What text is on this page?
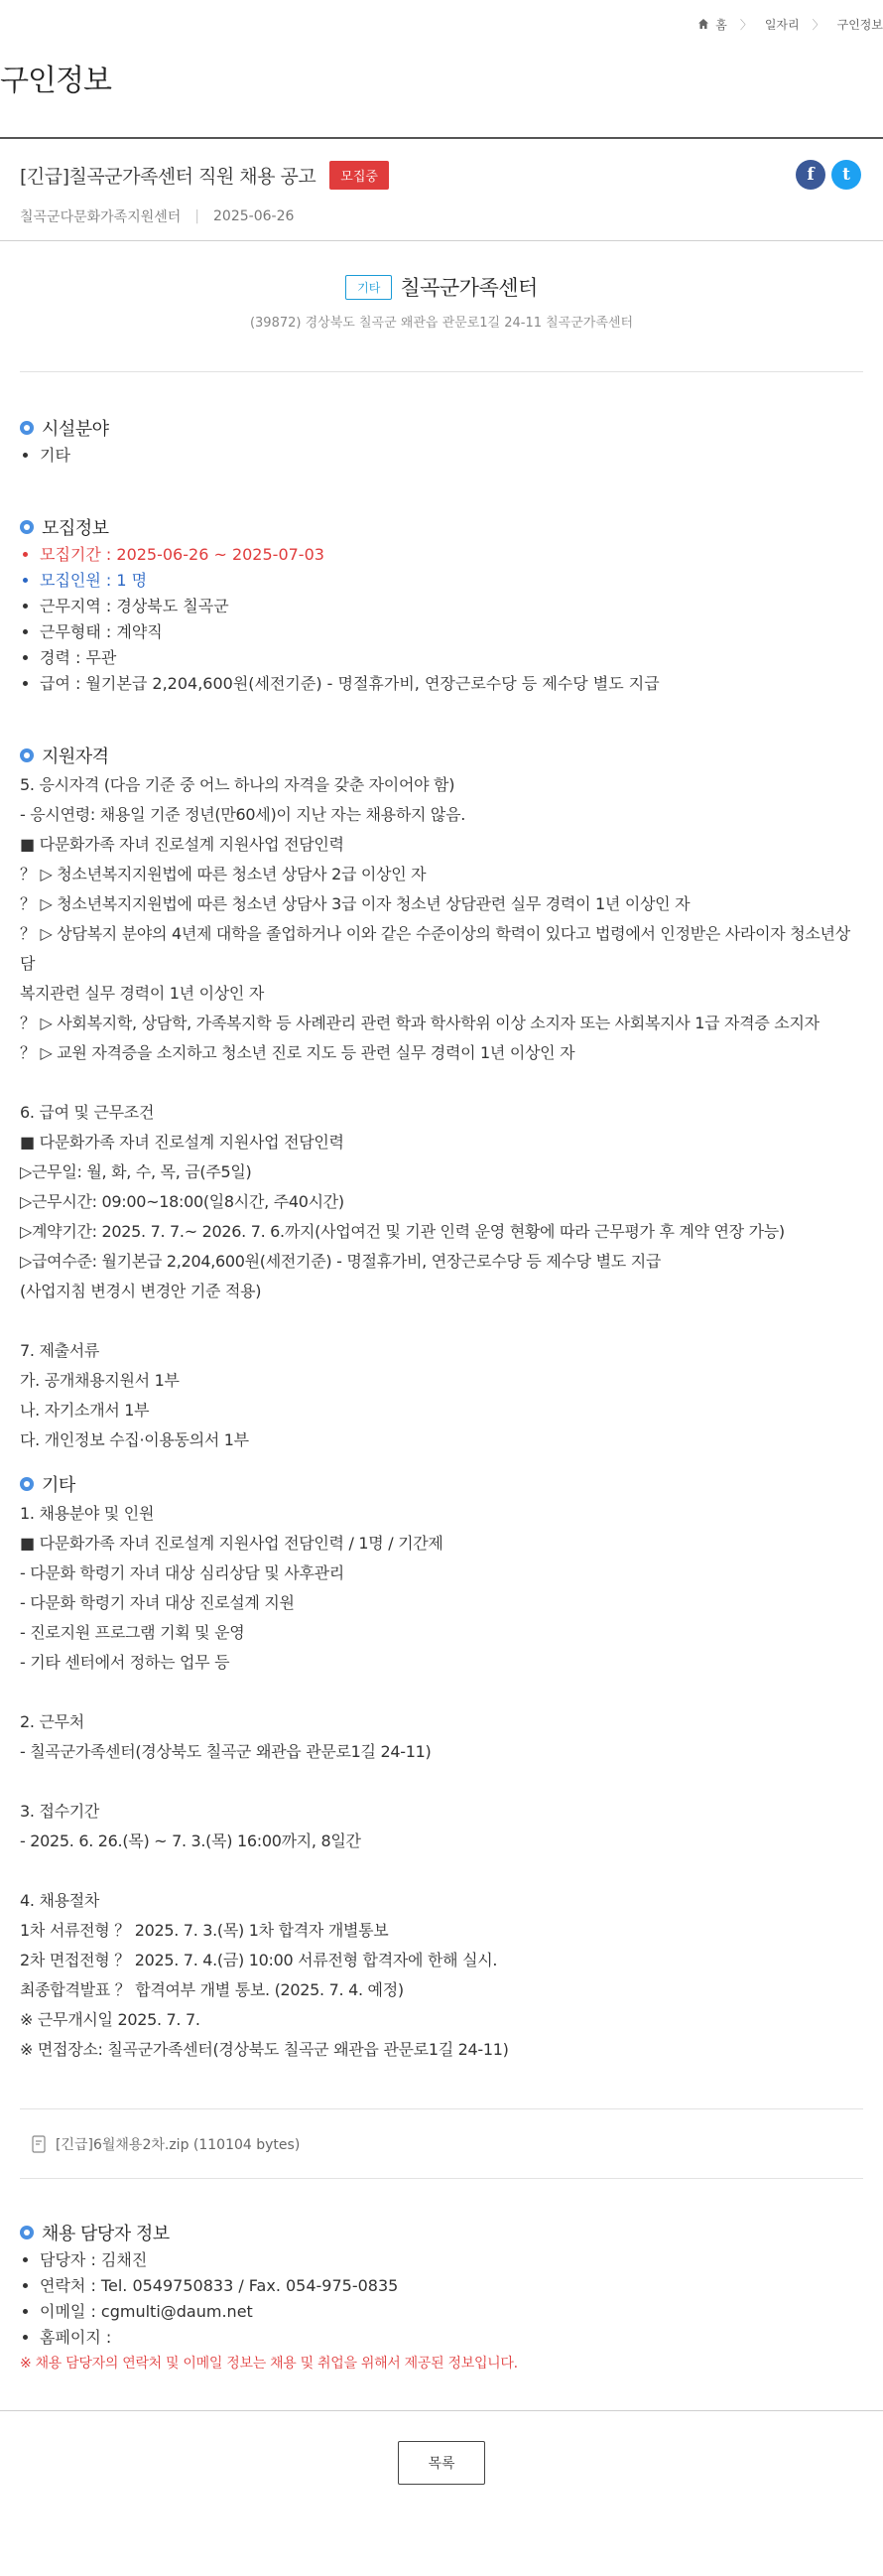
홈 〉 일자리 〉 구인정보
구인정보
[긴급]칠곡군가족센터 직원 채용 공고	모집중	f	t
칠곡군다문화가족지원센터 | 2025-06-26
기타 칠곡군가족센터
(39872) 경상북도 칠곡군 왜관읍 관문로1길 24-11 칠곡군가족센터
시설분야
• 기타
모집정보
• 모집기간 : 2025-06-26 ~ 2025-07-03
• 모집인원 : 1 명
• 근무지역 : 경상북도 칠곡군
• 근무형태 : 계약직
• 경력 : 무관
• 급여 : 월기본급 2,204,600원(세전기준) - 명절휴가비, 연장근로수당 등 제수당 별도 지급
지원자격

5. 응시자격 (다음 기준 중 어느 하나의 자격을 갖춘 자이어야 함)

- 응시연령: 채용일 기준 정년(만60세)이 지난 자는 채용하지 않음.

■ 다문화가족 자녀 진로설계 지원사업 전담인력

？ ▷ 청소년복지지원법에 따른 청소년 상담사 2급 이상인 자

？ ▷ 청소년복지지원법에 따른 청소년 상담사 3급 이자 청소년 상담관련 실무 경력이 1년 이상인 자

？ ▷ 상담복지 분야의 4년제 대학을 졸업하거나 이와 같은 수준이상의 학력이 있다고 법령에서 인정받은 사라이자 청소년상담

복지관련 실무 경력이 1년 이상인 자

？ ▷ 사회복지학, 상담학, 가족복지학 등 사례관리 관련 학과 학사학위 이상 소지자 또는 사회복지사 1급 자격증 소지자

？ ▷ 교원 자격증을 소지하고 청소년 진로 지도 등 관련 실무 경력이 1년 이상인 자

6. 급여 및 근무조건

■ 다문화가족 자녀 진로설계 지원사업 전담인력

▷근무일: 월, 화, 수, 목, 금(주5일)

▷근무시간: 09:00~18:00(일8시간, 주40시간)

▷계약기간: 2025. 7. 7.~ 2026. 7. 6.까지(사업여건 및 기관 인력 운영 현황에 따라 근무평가 후 계약 연장 가능)

▷급여수준: 월기본급 2,204,600원(세전기준) - 명절휴가비, 연장근로수당 등 제수당 별도 지급

(사업지침 변경시 변경안 기준 적용)

7. 제출서류

가. 공개채용지원서 1부

나. 자기소개서 1부

다. 개인정보 수집·이용동의서 1부

기타

1. 채용분야 및 인원

■ 다문화가족 자녀 진로설계 지원사업 전담인력 / 1명 / 기간제

- 다문화 학령기 자녀 대상 심리상담 및 사후관리

- 다문화 학령기 자녀 대상 진로설계 지원

- 진로지원 프로그램 기획 및 운영

- 기타 센터에서 정하는 업무 등

2. 근무처

- 칠곡군가족센터(경상북도 칠곡군 왜관읍 관문로1길 24-11)

3. 접수기간

- 2025. 6. 26.(목) ~ 7. 3.(목) 16:00까지, 8일간

4. 채용절차

1차 서류전형 ？ 2025. 7. 3.(목) 1차 합격자 개별통보

2차 면접전형 ？ 2025. 7. 4.(금) 10:00 서류전형 합격자에 한해 실시.

최종합격발표 ？ 합격여부 개별 통보. (2025. 7. 4. 예정)

※ 근무개시일 2025. 7. 7.

※ 면접장소: 칠곡군가족센터(경상북도 칠곡군 왜관읍 관문로1길 24-11)

[긴급]6월채용2차.zip (110104 bytes)
채용 담당자 정보
• 담당자 : 김채진
• 연락처 : Tel. 0549750833 / Fax. 054-975-0835
• 이메일 : cgmulti@daum.net
• 홈페이지 :
※ 채용 담당자의 연락처 및 이메일 정보는 채용 및 취업을 위해서 제공된 정보입니다.
목록
